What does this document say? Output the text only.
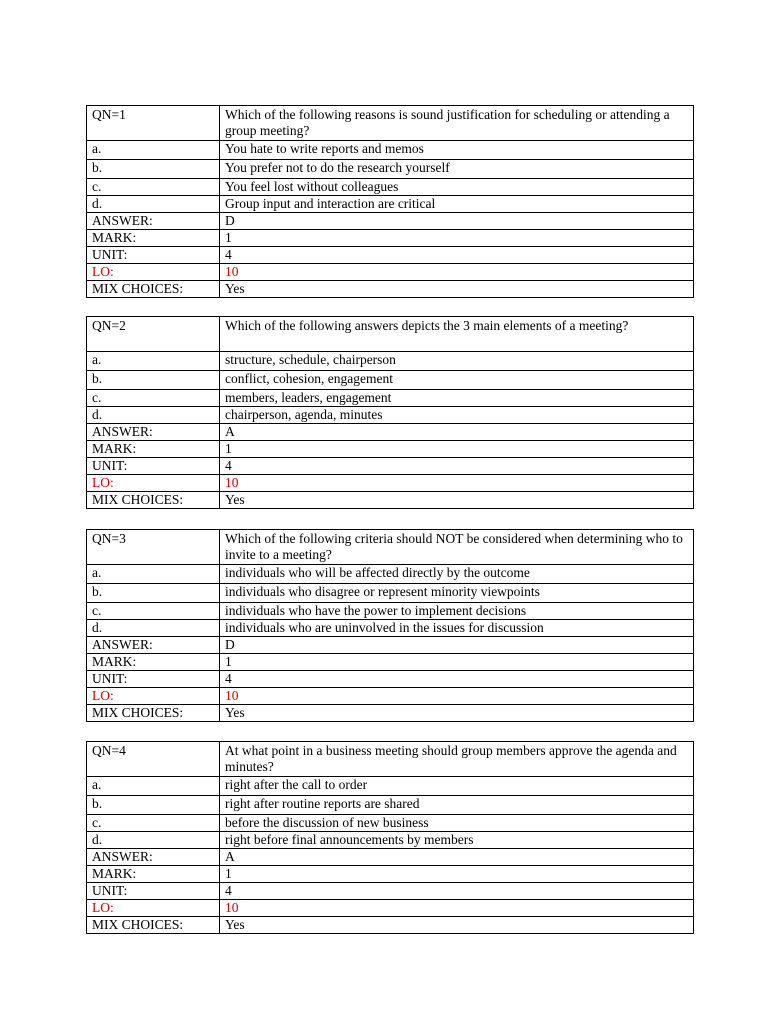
QN=1	Which of the following reasons is sound justification for scheduling or attending a group meeting?
a.	You hate to write reports and memos
b.	You prefer not to do the research yourself
c.	You feel lost without colleagues
d.	Group input and interaction are critical
ANSWER:	D
MARK:	1
UNIT:	4
LO:	10
MIX CHOICES:	Yes
QN=2	Which of the following answers depicts the 3 main elements of a meeting?
a.	structure, schedule, chairperson
b.	conflict, cohesion, engagement
c.	members, leaders, engagement
d.	chairperson, agenda, minutes
ANSWER:	A
MARK:	1
UNIT:	4
LO:	10
MIX CHOICES:	Yes
QN=3	Which of the following criteria should NOT be considered when determining who to invite to a meeting?
a.	individuals who will be affected directly by the outcome
b.	individuals who disagree or represent minority viewpoints
c.	individuals who have the power to implement decisions
d.	individuals who are uninvolved in the issues for discussion
ANSWER:	D
MARK:	1
UNIT:	4
LO:	10
MIX CHOICES:	Yes
QN=4	At what point in a business meeting should group members approve the agenda and minutes?
a.	right after the call to order
b.	right after routine reports are shared
c.	before the discussion of new business
d.	right before final announcements by members
ANSWER:	A
MARK:	1
UNIT:	4
LO:	10
MIX CHOICES:	Yes
